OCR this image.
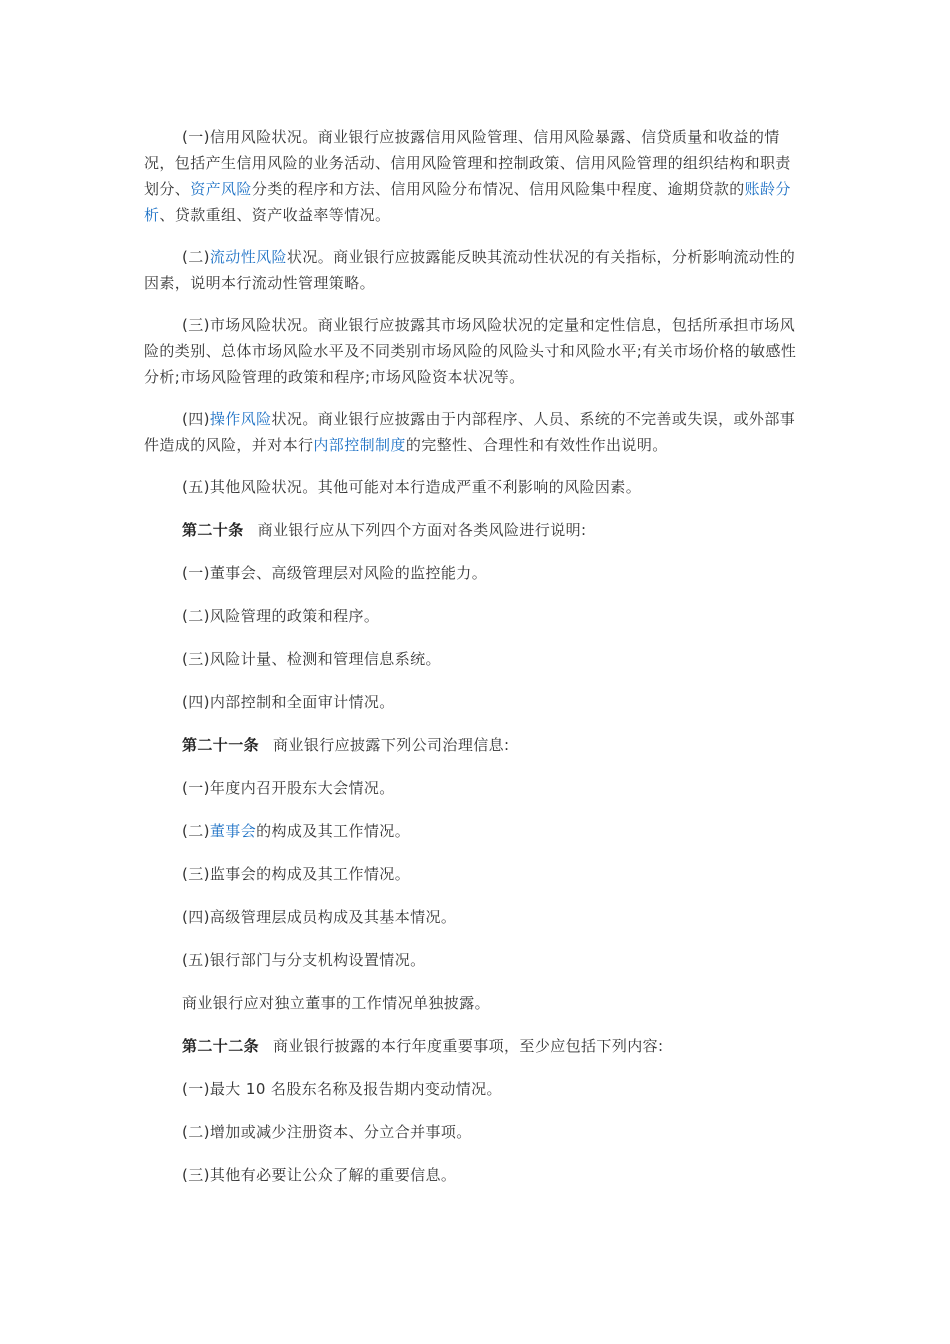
(一)信用风险状况。商业银行应披露信用风险管理、信用风险暴露、信贷质量和收益的情况，包括产生信用风险的业务活动、信用风险管理和控制政策、信用风险管理的组织结构和职责划分、资产风险分类的程序和方法、信用风险分布情况、信用风险集中程度、逾期贷款的账龄分析、贷款重组、资产收益率等情况。

(二)流动性风险状况。商业银行应披露能反映其流动性状况的有关指标，分析影响流动性的因素，说明本行流动性管理策略。

(三)市场风险状况。商业银行应披露其市场风险状况的定量和定性信息，包括所承担市场风险的类别、总体市场风险水平及不同类别市场风险的风险头寸和风险水平;有关市场价格的敏感性分析;市场风险管理的政策和程序;市场风险资本状况等。

(四)操作风险状况。商业银行应披露由于内部程序、人员、系统的不完善或失误，或外部事件造成的风险，并对本行内部控制制度的完整性、合理性和有效性作出说明。

(五)其他风险状况。其他可能对本行造成严重不利影响的风险因素。

第二十条 商业银行应从下列四个方面对各类风险进行说明:

(一)董事会、高级管理层对风险的监控能力。

(二)风险管理的政策和程序。

(三)风险计量、检测和管理信息系统。

(四)内部控制和全面审计情况。

第二十一条 商业银行应披露下列公司治理信息:

(一)年度内召开股东大会情况。

(二)董事会的构成及其工作情况。

(三)监事会的构成及其工作情况。

(四)高级管理层成员构成及其基本情况。

(五)银行部门与分支机构设置情况。

商业银行应对独立董事的工作情况单独披露。

第二十二条 商业银行披露的本行年度重要事项，至少应包括下列内容:

(一)最大 10 名股东名称及报告期内变动情况。

(二)增加或减少注册资本、分立合并事项。

(三)其他有必要让公众了解的重要信息。
